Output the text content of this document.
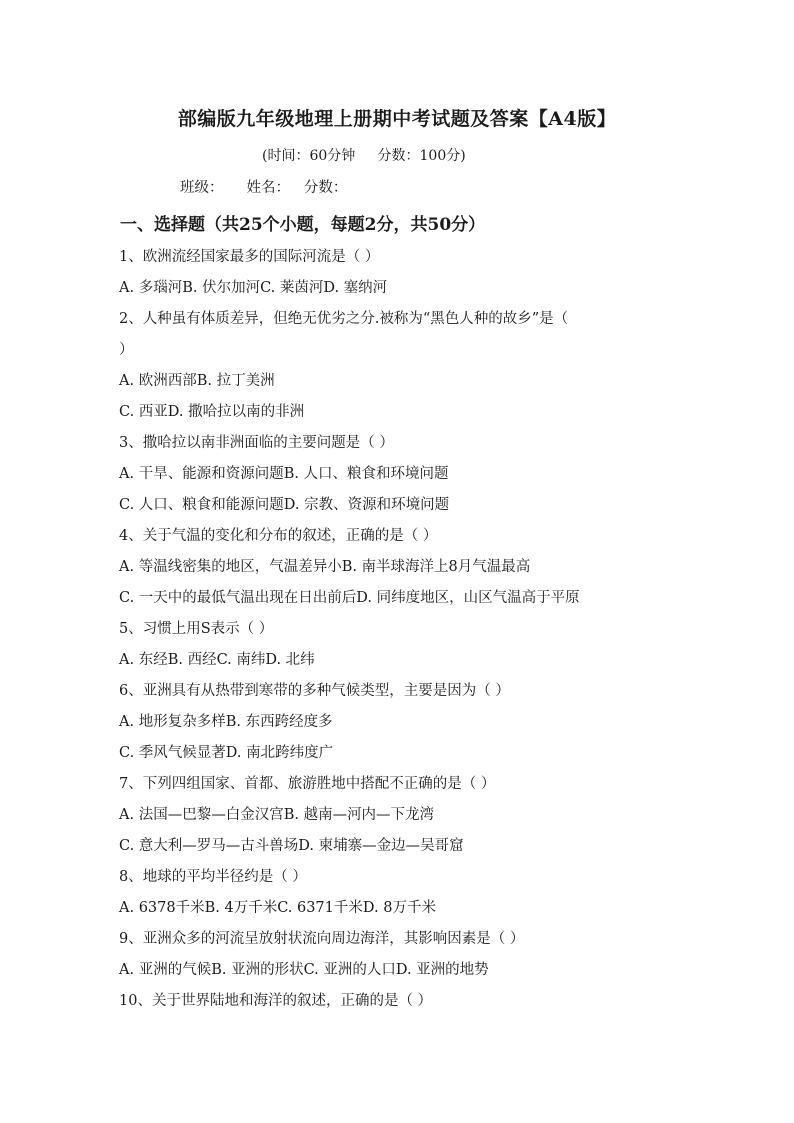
部编版九年级地理上册期中考试题及答案【A4版】
(时间：60分钟     分数：100分)
班级：     姓名：   分数：
一、选择题（共25个小题，每题2分，共50分）
1、欧洲流经国家最多的国际河流是（ ）
A. 多瑙河B. 伏尔加河C. 莱茵河D. 塞纳河
2、人种虽有体质差异，但绝无优劣之分.被称为“黑色人种的故乡”是（
）
A. 欧洲西部B. 拉丁美洲
C. 西亚D. 撒哈拉以南的非洲
3、撒哈拉以南非洲面临的主要问题是（ ）
A. 干旱、能源和资源问题B. 人口、粮食和环境问题
C. 人口、粮食和能源问题D. 宗教、资源和环境问题
4、关于气温的变化和分布的叙述，正确的是（ ）
A. 等温线密集的地区，气温差异小B. 南半球海洋上8月气温最高
C. 一天中的最低气温出现在日出前后D. 同纬度地区，山区气温高于平原
5、习惯上用S表示（ ）
A. 东经B. 西经C. 南纬D. 北纬
6、亚洲具有从热带到寒带的多种气候类型，主要是因为（ ）
A. 地形复杂多样B. 东西跨经度多
C. 季风气候显著D. 南北跨纬度广
7、下列四组国家、首都、旅游胜地中搭配不正确的是（ ）
A. 法国—巴黎—白金汉宫B. 越南—河内—下龙湾
C. 意大利—罗马—古斗兽场D. 柬埔寨—金边—吴哥窟
8、地球的平均半径约是（ ）
A. 6378千米B. 4万千米C. 6371千米D. 8万千米
9、亚洲众多的河流呈放射状流向周边海洋，其影响因素是（ ）
A. 亚洲的气候B. 亚洲的形状C. 亚洲的人口D. 亚洲的地势
10、关于世界陆地和海洋的叙述，正确的是（ ）
